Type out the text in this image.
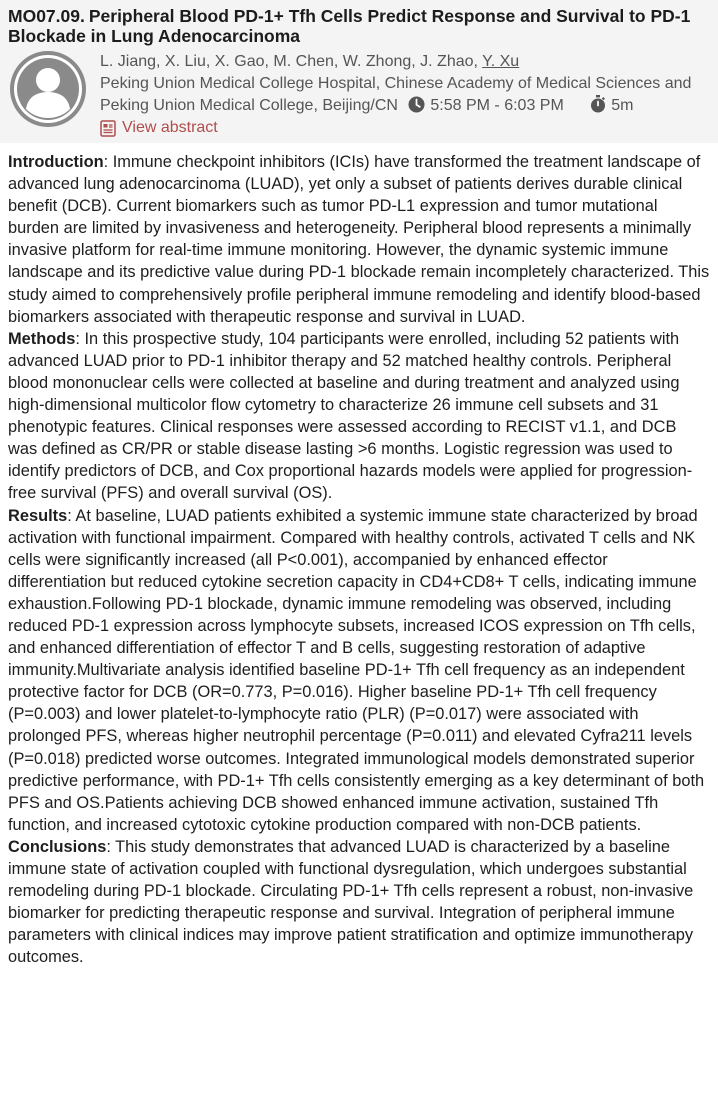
MO07.09. Peripheral Blood PD-1+ Tfh Cells Predict Response and Survival to PD-1 Blockade in Lung Adenocarcinoma
L. Jiang, X. Liu, X. Gao, M. Chen, W. Zhong, J. Zhao, Y. Xu
Peking Union Medical College Hospital, Chinese Academy of Medical Sciences and Peking Union Medical College, Beijing/CN 5:58 PM - 6:03 PM	5m
View abstract

Introduction: Immune checkpoint inhibitors (ICIs) have transformed the treatment landscape of advanced lung adenocarcinoma (LUAD), yet only a subset of patients derives durable clinical benefit (DCB). Current biomarkers such as tumor PD-L1 expression and tumor mutational burden are limited by invasiveness and heterogeneity. Peripheral blood represents a minimally invasive platform for real-time immune monitoring. However, the dynamic systemic immune landscape and its predictive value during PD-1 blockade remain incompletely characterized. This study aimed to comprehensively profile peripheral immune remodeling and identify blood-based biomarkers associated with therapeutic response and survival in LUAD.

Methods: In this prospective study, 104 participants were enrolled, including 52 patients with advanced LUAD prior to PD-1 inhibitor therapy and 52 matched healthy controls. Peripheral blood mononuclear cells were collected at baseline and during treatment and analyzed using high-dimensional multicolor flow cytometry to characterize 26 immune cell subsets and 31 phenotypic features. Clinical responses were assessed according to RECIST v1.1, and DCB was defined as CR/PR or stable disease lasting >6 months. Logistic regression was used to identify predictors of DCB, and Cox proportional hazards models were applied for progression-free survival (PFS) and overall survival (OS).

Results: At baseline, LUAD patients exhibited a systemic immune state characterized by broad activation with functional impairment. Compared with healthy controls, activated T cells and NK cells were significantly increased (all P<0.001), accompanied by enhanced effector differentiation but reduced cytokine secretion capacity in CD4+CD8+ T cells, indicating immune exhaustion.Following PD-1 blockade, dynamic immune remodeling was observed, including reduced PD-1 expression across lymphocyte subsets, increased ICOS expression on Tfh cells, and enhanced differentiation of effector T and B cells, suggesting restoration of adaptive immunity.Multivariate analysis identified baseline PD-1+ Tfh cell frequency as an independent protective factor for DCB (OR=0.773, P=0.016). Higher baseline PD-1+ Tfh cell frequency (P=0.003) and lower platelet-to-lymphocyte ratio (PLR) (P=0.017) were associated with prolonged PFS, whereas higher neutrophil percentage (P=0.011) and elevated Cyfra211 levels (P=0.018) predicted worse outcomes. Integrated immunological models demonstrated superior predictive performance, with PD-1+ Tfh cells consistently emerging as a key determinant of both PFS and OS.Patients achieving DCB showed enhanced immune activation, sustained Tfh function, and increased cytotoxic cytokine production compared with non-DCB patients.

Conclusions: This study demonstrates that advanced LUAD is characterized by a baseline immune state of activation coupled with functional dysregulation, which undergoes substantial remodeling during PD-1 blockade. Circulating PD-1+ Tfh cells represent a robust, non-invasive biomarker for predicting therapeutic response and survival. Integration of peripheral immune parameters with clinical indices may improve patient stratification and optimize immunotherapy outcomes.
